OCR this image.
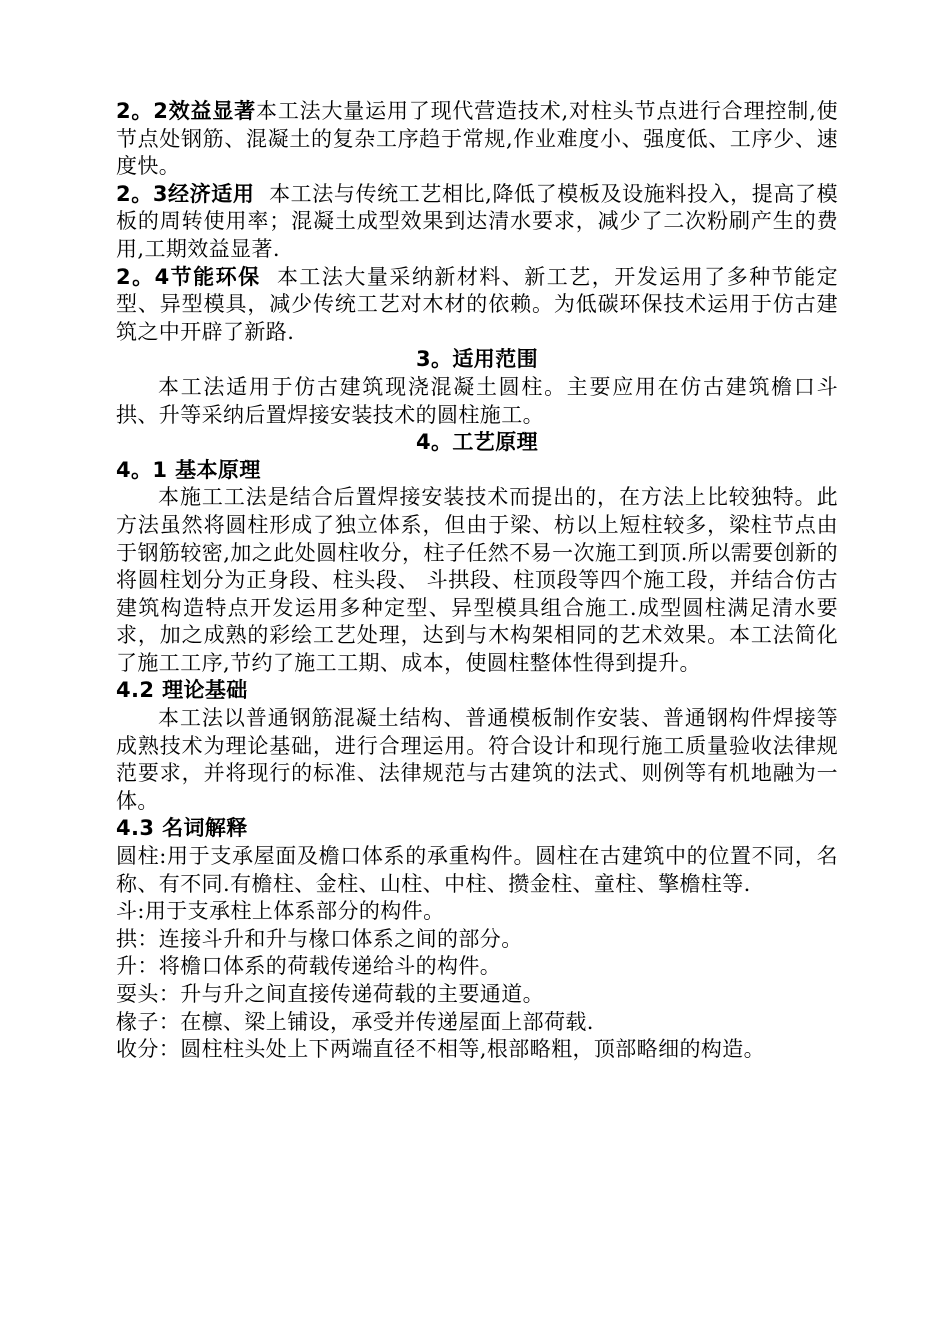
2。2效益显著本工法大量运用了现代营造技术,对柱头节点进行合理控制,使节点处钢筋、混凝土的复杂工序趋于常规,作业难度小、强度低、工序少、速度快。

2。3经济适用  本工法与传统工艺相比,降低了模板及设施料投入，提高了模板的周转使用率；混凝土成型效果到达清水要求，减少了二次粉刷产生的费用,工期效益显著.

2。4节能环保  本工法大量采纳新材料、新工艺，开发运用了多种节能定型、异型模具，减少传统工艺对木材的依赖。为低碳环保技术运用于仿古建筑之中开辟了新路.

3。适用范围

本工法适用于仿古建筑现浇混凝土圆柱。主要应用在仿古建筑檐口斗拱、升等采纳后置焊接安装技术的圆柱施工。

4。工艺原理

4。1 基本原理

本施工工法是结合后置焊接安装技术而提出的，在方法上比较独特。此方法虽然将圆柱形成了独立体系，但由于梁、枋以上短柱较多，梁柱节点由于钢筋较密,加之此处圆柱收分，柱子任然不易一次施工到顶.所以需要创新的将圆柱划分为正身段、柱头段、 斗拱段、柱顶段等四个施工段，并结合仿古建筑构造特点开发运用多种定型、异型模具组合施工.成型圆柱满足清水要求，加之成熟的彩绘工艺处理，达到与木构架相同的艺术效果。本工法简化了施工工序,节约了施工工期、成本，使圆柱整体性得到提升。

4.2 理论基础

本工法以普通钢筋混凝土结构、普通模板制作安装、普通钢构件焊接等成熟技术为理论基础，进行合理运用。符合设计和现行施工质量验收法律规范要求，并将现行的标准、法律规范与古建筑的法式、则例等有机地融为一体。

4.3 名词解释

圆柱:用于支承屋面及檐口体系的承重构件。圆柱在古建筑中的位置不同，名称、有不同.有檐柱、金柱、山柱、中柱、攒金柱、童柱、擎檐柱等.

斗:用于支承柱上体系部分的构件。

拱：连接斗升和升与椽口体系之间的部分。

升：将檐口体系的荷载传递给斗的构件。

耍头：升与升之间直接传递荷载的主要通道。

椽子：在檩、梁上铺设，承受并传递屋面上部荷载.

收分：圆柱柱头处上下两端直径不相等,根部略粗，顶部略细的构造。
